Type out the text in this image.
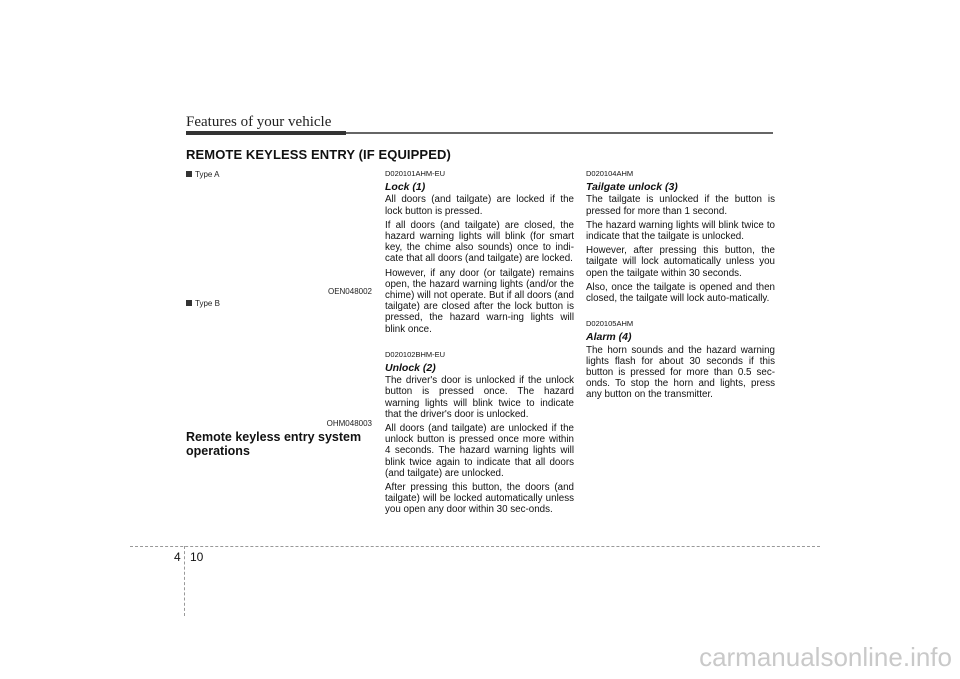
Features of your vehicle
REMOTE KEYLESS ENTRY (IF EQUIPPED)
Type A
OEN048002
Type B
OHM048003
Remote keyless entry system operations
D020101AHM-EU
Lock (1)

All doors (and tailgate) are locked if the lock button is pressed.

If all doors (and tailgate) are closed, the hazard warning lights will blink (for smart key, the chime also sounds) once to indi-cate that all doors (and tailgate) are locked.

However, if any door (or tailgate) remains open, the hazard warning lights (and/or the chime) will not operate. But if all doors (and tailgate) are closed after the lock button is pressed, the hazard warn-ing lights will blink once.

D020102BHM-EU
Unlock (2)

The driver's door is unlocked if the unlock button is pressed once. The hazard warning lights will blink twice to indicate that the driver's door is unlocked.

All doors (and tailgate) are unlocked if the unlock button is pressed once more within 4 seconds. The hazard warning lights will blink twice again to indicate that all doors (and tailgate) are unlocked.

After pressing this button, the doors (and tailgate) will be locked automatically unless you open any door within 30 sec-onds.

D020104AHM
Tailgate unlock (3)

The tailgate is unlocked if the button is pressed for more than 1 second.

The hazard warning lights will blink twice to indicate that the tailgate is unlocked.

However, after pressing this button, the tailgate will lock automatically unless you open the tailgate within 30 seconds.

Also, once the tailgate is opened and then closed, the tailgate will lock auto-matically.

D020105AHM
Alarm (4)

The horn sounds and the hazard warning lights flash for about 30 seconds if this button is pressed for more than 0.5 sec-onds. To stop the horn and lights, press any button on the transmitter.

4 10
carmanualsonline.info
